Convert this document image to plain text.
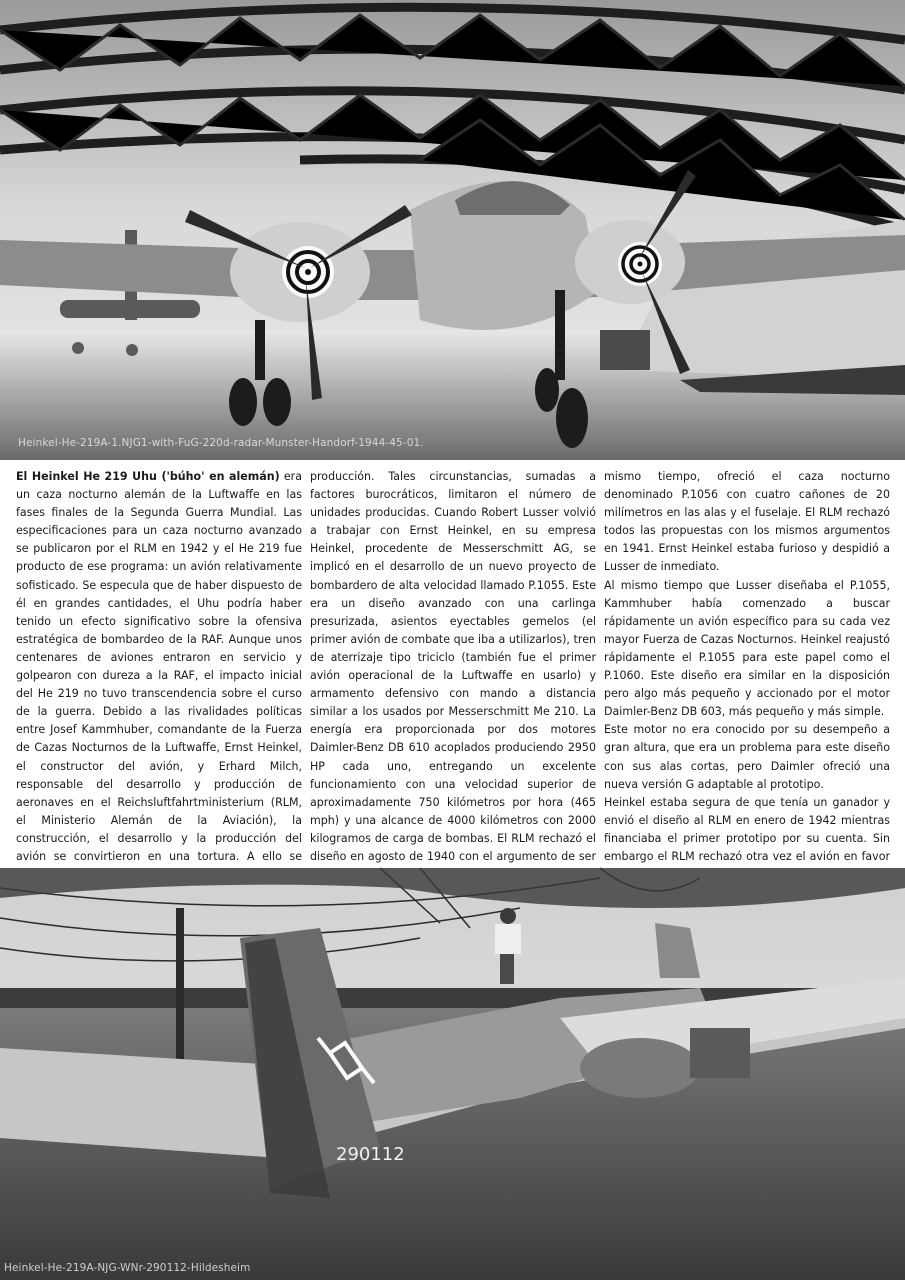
Heinkel-He-219A-1.NJG1-with-FuG-220d-radar-Munster-Handorf-1944-45-01.

El Heinkel He 219 Uhu ('búho' en alemán) era un caza nocturno alemán de la Luftwaffe en las fases finales de la Segunda Guerra Mundial. Las especificaciones para un caza nocturno avanzado se publicaron por el RLM en 1942 y el He 219 fue producto de ese programa: un avión relativamente sofisticado. Se especula que de haber dispuesto de él en grandes cantidades, el Uhu podría haber tenido un efecto significativo sobre la ofensiva estratégica de bombardeo de la RAF. Aunque unos centenares de aviones entraron en servicio y golpearon con dureza a la RAF, el impacto inicial del He 219 no tuvo transcendencia sobre el curso de la guerra. Debido a las rivalidades políticas entre Josef Kammhuber, comandante de la Fuerza de Cazas Nocturnos de la Luftwaffe, Ernst Heinkel, el constructor del avión, y Erhard Milch, responsable del desarrollo y producción de aeronaves en el Reichsluftfahrtministerium (RLM, el Ministerio Alemán de la Aviación), la construcción, el desarrollo y la producción del avión se convirtieron en una tortura. A ello se

producción. Tales circunstancias, sumadas a factores burocráticos, limitaron el número de unidades producidas. Cuando Robert Lusser volvió a trabajar con Ernst Heinkel, en su empresa Heinkel, procedente de Messerschmitt AG, se implicó en el desarrollo de un nuevo proyecto de bombardero de alta velocidad llamado P.1055. Este era un diseño avanzado con una carlinga presurizada, asientos eyectables gemelos (el primer avión de combate que iba a utilizarlos), tren de aterrizaje tipo triciclo (también fue el primer avión operacional de la Luftwaffe en usarlo) y armamento defensivo con mando a distancia similar a los usados por Messerschmitt Me 210. La energía era proporcionada por dos motores Daimler-Benz DB 610 acoplados produciendo 2950 HP cada uno, entregando un excelente funcionamiento con una velocidad superior de aproximadamente 750 kilómetros por hora (465 mph) y una alcance de 4000 kilómetros con 2000 kilogramos de carga de bombas. El RLM rechazó el diseño en agosto de 1940 con el argumento de ser

mismo tiempo, ofreció el caza nocturno denominado P.1056 con cuatro cañones de 20 milímetros en las alas y el fuselaje. El RLM rechazó todos las propuestas con los mismos argumentos en 1941. Ernst Heinkel estaba furioso y despidió a Lusser de inmediato.

Al mismo tiempo que Lusser diseñaba el P.1055, Kammhuber había comenzado a buscar rápidamente un avión específico para su cada vez mayor Fuerza de Cazas Nocturnos. Heinkel reajustó rápidamente el P.1055 para este papel como el P.1060. Este diseño era similar en la disposición pero algo más pequeño y accionado por el motor Daimler-Benz DB 603, más pequeño y más simple.

Este motor no era conocido por su desempeño a gran altura, que era un problema para este diseño con sus alas cortas, pero Daimler ofreció una nueva versión G adaptable al prototipo.

Heinkel estaba segura de que tenía un ganador y envió el diseño al RLM en enero de 1942 mientras financiaba el primer prototipo por su cuenta. Sin embargo el RLM rechazó otra vez el avión en favor

290112
Heinkel-He-219A-NJG-WNr-290112-Hildesheim
